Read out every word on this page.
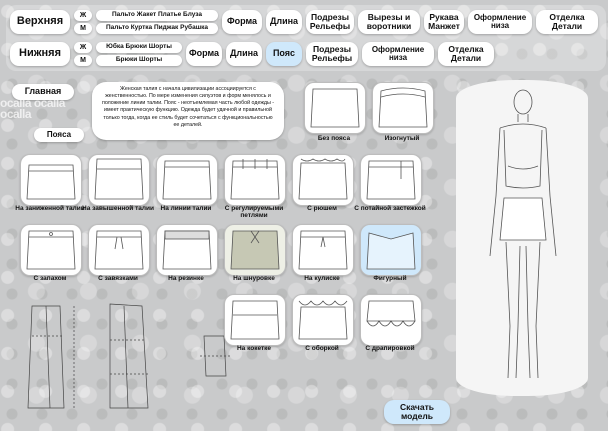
Верхняя	Ж
М
Пальто Жакет Платье Блуза
Пальто Куртка Пиджак Рубашка
Форма	Длина	Подрезы Рельефы
Вырезы и воротники
Рукава Манжет
Оформление низа
Отделка Детали
Нижняя	Ж
М
Юбка Брюки Шорты
Брюки Шорты
Форма	Длина	Пояс	Подрезы Рельефы
Оформление низа
Отделка Детали
Главная
ocalla ocalla ocalla
Пояса
Женская талия с начала цивилизации ассоциируется с женственностью. По мере изменения силуэтов и форм менялось и положение линии талии. Пояс - неотъемлемая часть любой одежды - имеет практическую функцию. Одежда будет удачной и правильной только тогда, когда ее стиль будет сочетаться с функциональностью ее деталей.
Без пояса	Изогнутый
На заниженной талии
На завышенной талии	На линии талии	С регулируемыми петлями
С рюшем	С потайной застежкой
С запахом	С завязками	На резинке	На шнуровке	На кулиске	Фигурный
На кокетке	С оборкой	С драпировкой
Скачать модель
